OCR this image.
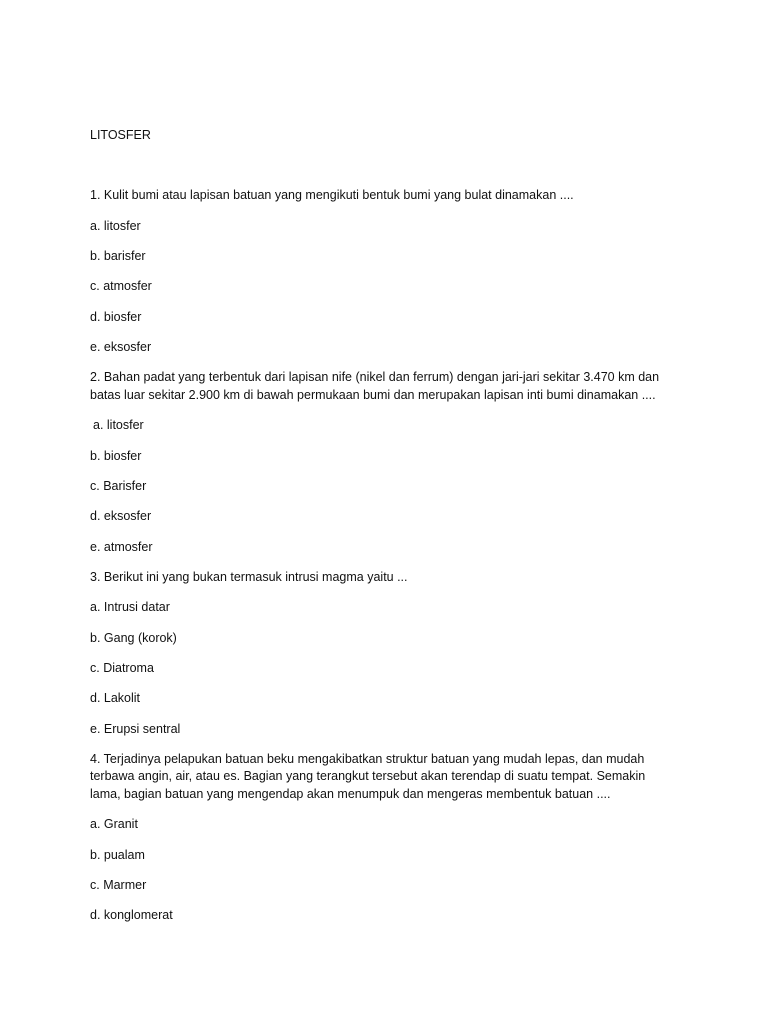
LITOSFER
1. Kulit bumi atau lapisan batuan yang mengikuti bentuk bumi yang bulat dinamakan ....
a. litosfer
b. barisfer
c. atmosfer
d. biosfer
e. eksosfer
2. Bahan padat yang terbentuk dari lapisan nife (nikel dan ferrum) dengan jari-jari sekitar 3.470 km dan
batas luar sekitar 2.900 km di bawah permukaan bumi dan merupakan lapisan inti bumi dinamakan ....
a. litosfer
b. biosfer
c. Barisfer
d. eksosfer
e. atmosfer
3. Berikut ini yang bukan termasuk intrusi magma yaitu ...
a. Intrusi datar
b. Gang (korok)
c. Diatroma
d. Lakolit
e. Erupsi sentral
4. Terjadinya pelapukan batuan beku mengakibatkan struktur batuan yang mudah lepas, dan mudah
terbawa angin, air, atau es. Bagian yang terangkut tersebut akan terendap di suatu tempat. Semakin
lama, bagian batuan yang mengendap akan menumpuk dan mengeras membentuk batuan ....
a. Granit
b. pualam
c. Marmer
d. konglomerat
